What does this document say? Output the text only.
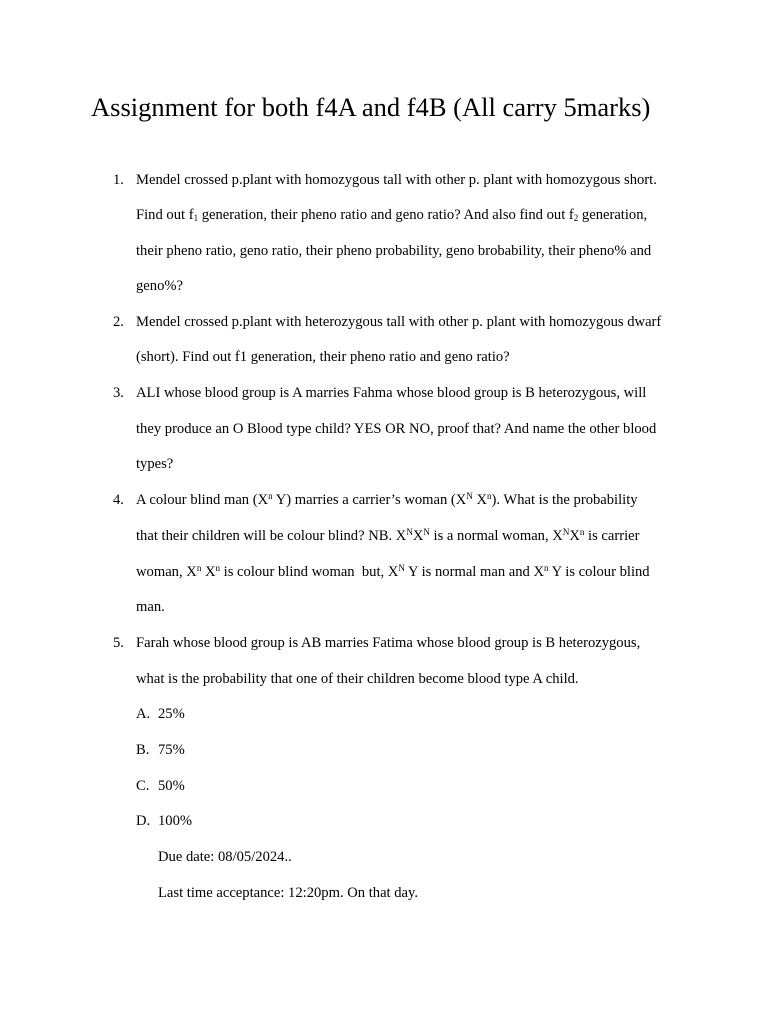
Assignment for both f4A and f4B (All carry 5marks)
1. Mendel crossed p.plant with homozygous tall with other p. plant with homozygous short.
Find out $f_1$ generation, their pheno ratio and geno ratio? And also find out $f_2$ generation,
their pheno ratio, geno ratio, their pheno probability, geno brobability, their pheno% and
geno%?
2. Mendel crossed p.plant with heterozygous tall with other p. plant with homozygous dwarf
(short). Find out f1 generation, their pheno ratio and geno ratio?
3. ALI whose blood group is A marries Fahma whose blood group is B heterozygous, will
they produce an O Blood type child? YES OR NO, proof that? And name the other blood
types?
4. A colour blind man ($X^n$ Y) marries a carrier’s woman ($X^N$ $X^n$). What is the probability
that their children will be colour blind? NB. $X^NX^N$ is a normal woman, $X^NX^n$ is carrier
woman, $X^n$ $X^n$ is colour blind woman  but, $X^N$ Y is normal man and $X^n$ Y is colour blind
man.
5. Farah whose blood group is AB marries Fatima whose blood group is B heterozygous,
what is the probability that one of their children become blood type A child.
A. 25%
B. 75%
C. 50%
D. 100%
Due date: 08/05/2024..
Last time acceptance: 12:20pm. On that day.
